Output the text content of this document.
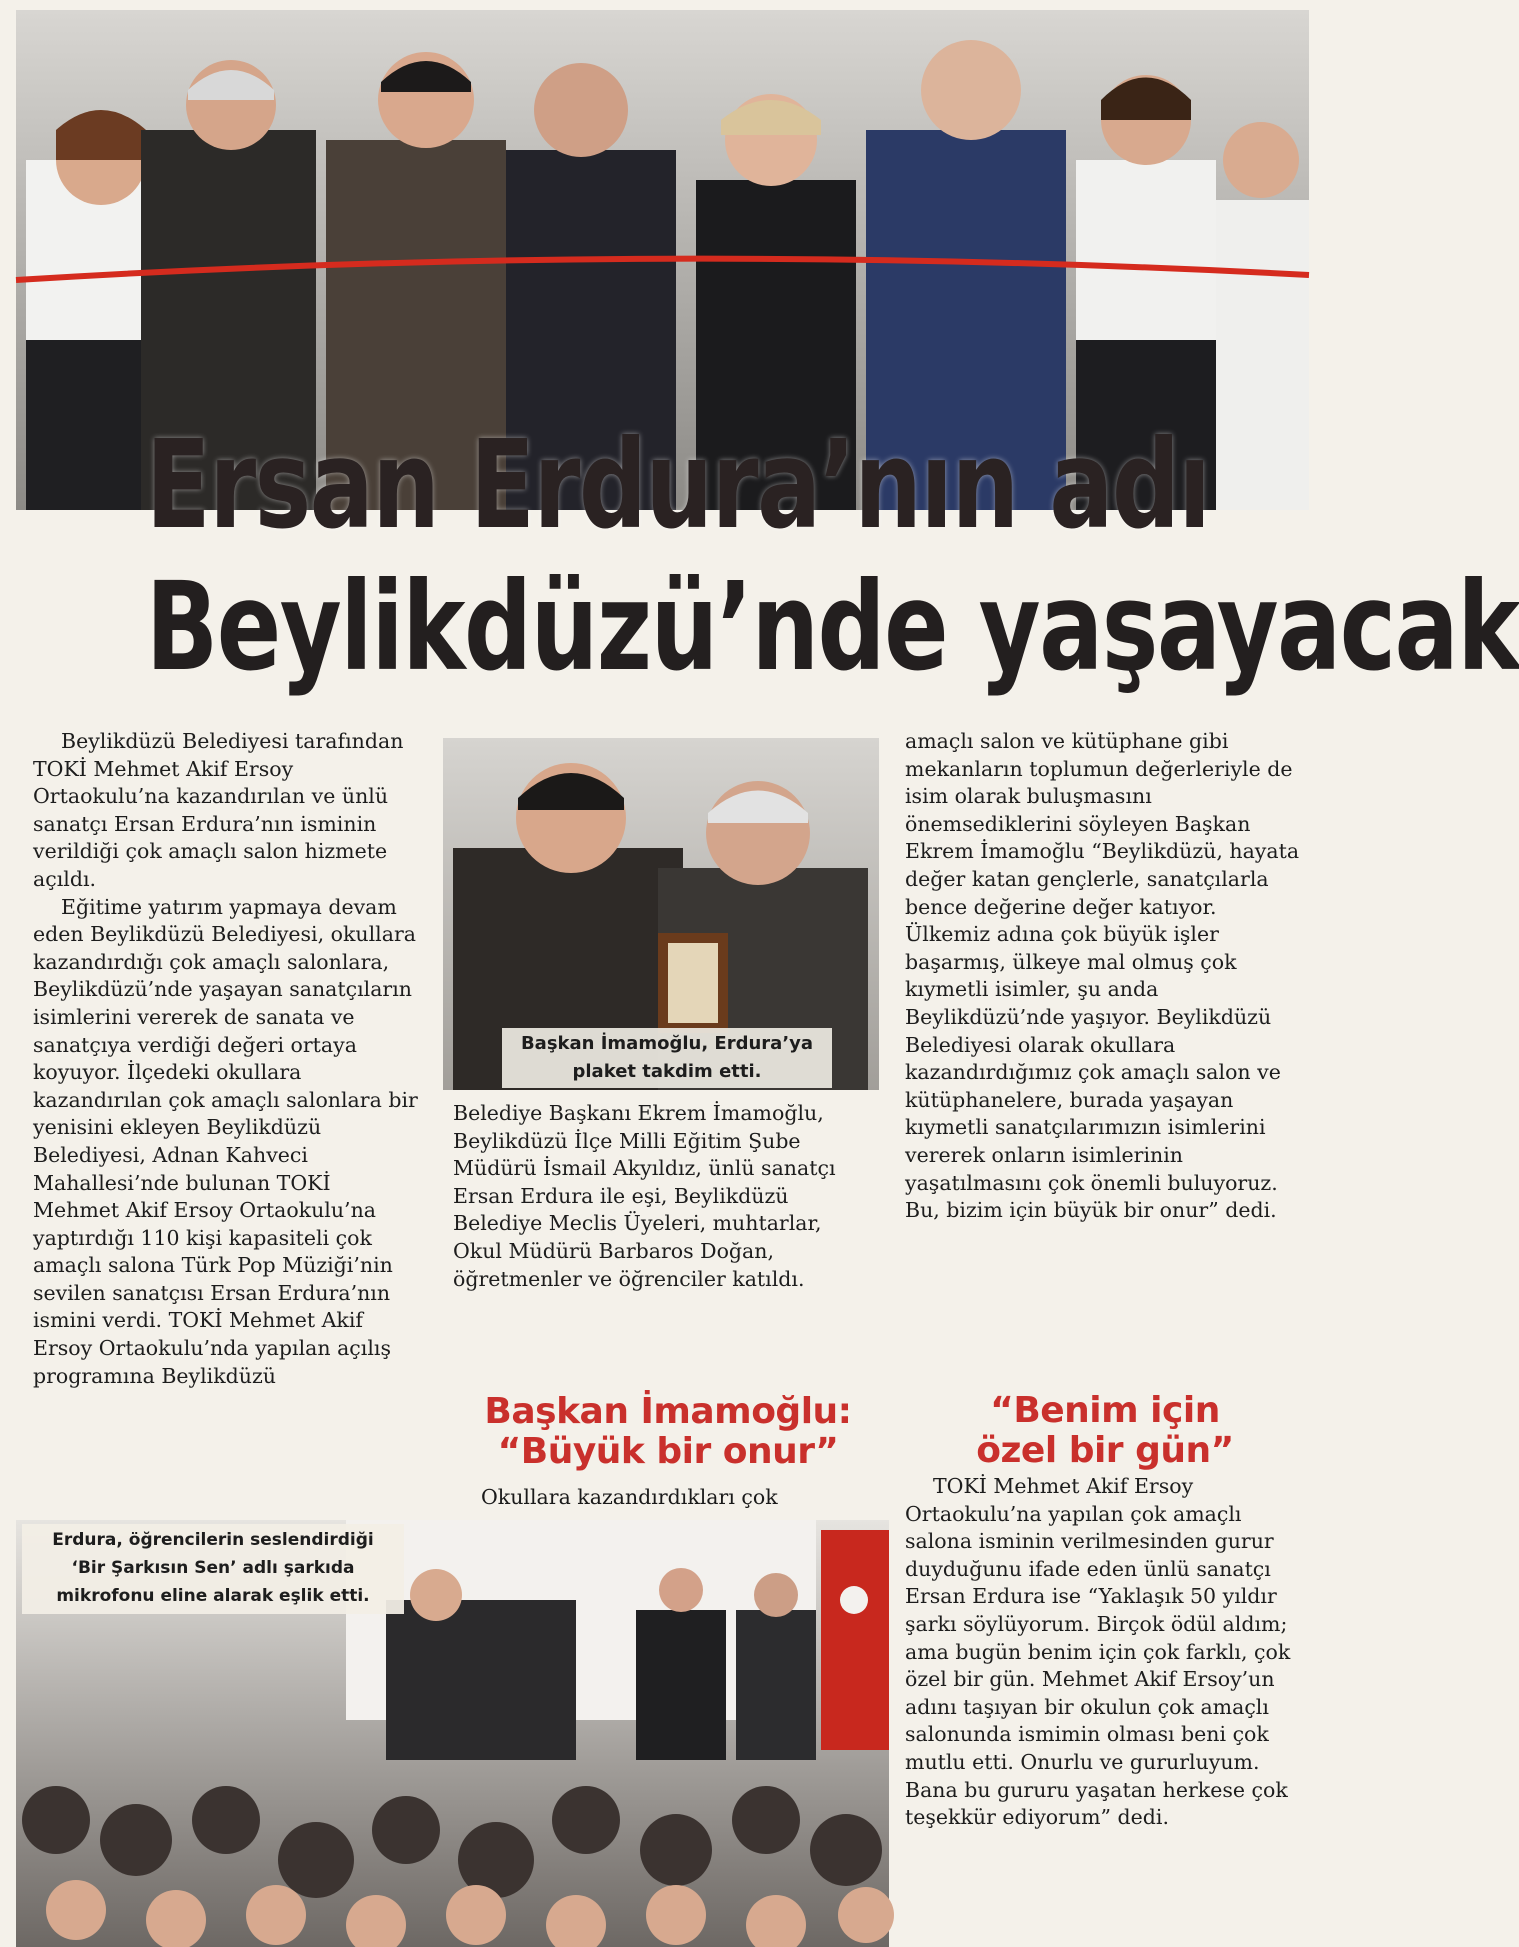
Ersan Erdura’nın adı
Beylikdüzü’nde yaşayacak

Beylikdüzü Belediyesi tarafından TOKİ Mehmet Akif Ersoy Ortaokulu’na kazandırılan ve ünlü sanatçı Ersan Erdura’nın isminin verildiği çok amaçlı salon hizmete açıldı.

Eğitime yatırım yapmaya devam eden Beylikdüzü Belediyesi, okullara kazandırdığı çok amaçlı salonlara, Beylikdüzü’nde yaşayan sanatçıların isimlerini vererek de sanata ve sanatçıya verdiği değeri ortaya koyuyor. İlçedeki okullara kazandırılan çok amaçlı salonlara bir yenisini ekleyen Beylikdüzü Belediyesi, Adnan Kahveci Mahallesi’nde bulunan TOKİ Mehmet Akif Ersoy Ortaokulu’na yaptırdığı 110 kişi kapasiteli çok amaçlı salona Türk Pop Müziği’nin sevilen sanatçısı Ersan Erdura’nın ismini verdi. TOKİ Mehmet Akif Ersoy Ortaokulu’nda yapılan açılış programına Beylikdüzü

Başkan İmamoğlu, Erdura’ya
plaket takdim etti.

Belediye Başkanı Ekrem İmamoğlu, Beylikdüzü İlçe Milli Eğitim Şube Müdürü İsmail Akyıldız, ünlü sanatçı Ersan Erdura ile eşi, Beylikdüzü Belediye Meclis Üyeleri, muhtarlar, Okul Müdürü Barbaros Doğan, öğretmenler ve öğrenciler katıldı.

Başkan İmamoğlu:
“Büyük bir onur”
Okullara kazandırdıkları çok

amaçlı salon ve kütüphane gibi mekanların toplumun değerleriyle de isim olarak buluşmasını önemsediklerini söyleyen Başkan Ekrem İmamoğlu “Beylikdüzü, hayata değer katan gençlerle, sanatçılarla bence değerine değer katıyor. Ülkemiz adına çok büyük işler başarmış, ülkeye mal olmuş çok kıymetli isimler, şu anda Beylikdüzü’nde yaşıyor. Beylikdüzü Belediyesi olarak okullara kazandırdığımız çok amaçlı salon ve kütüphanelere, burada yaşayan kıymetli sanatçılarımızın isimlerini vererek onların isimlerinin yaşatılmasını çok önemli buluyoruz. Bu, bizim için büyük bir onur” dedi.

“Benim için
özel bir gün”

TOKİ Mehmet Akif Ersoy Ortaokulu’na yapılan çok amaçlı salona isminin verilmesinden gurur duyduğunu ifade eden ünlü sanatçı Ersan Erdura ise “Yaklaşık 50 yıldır şarkı söylüyorum. Birçok ödül aldım; ama bugün benim için çok farklı, çok özel bir gün. Mehmet Akif Ersoy’un adını taşıyan bir okulun çok amaçlı salonunda ismimin olması beni çok mutlu etti. Onurlu ve gururluyum. Bana bu gururu yaşatan herkese çok teşekkür ediyorum” dedi.

Erdura, öğrencilerin seslendirdiği
‘Bir Şarkısın Sen’ adlı şarkıda
mikrofonu eline alarak eşlik etti.
